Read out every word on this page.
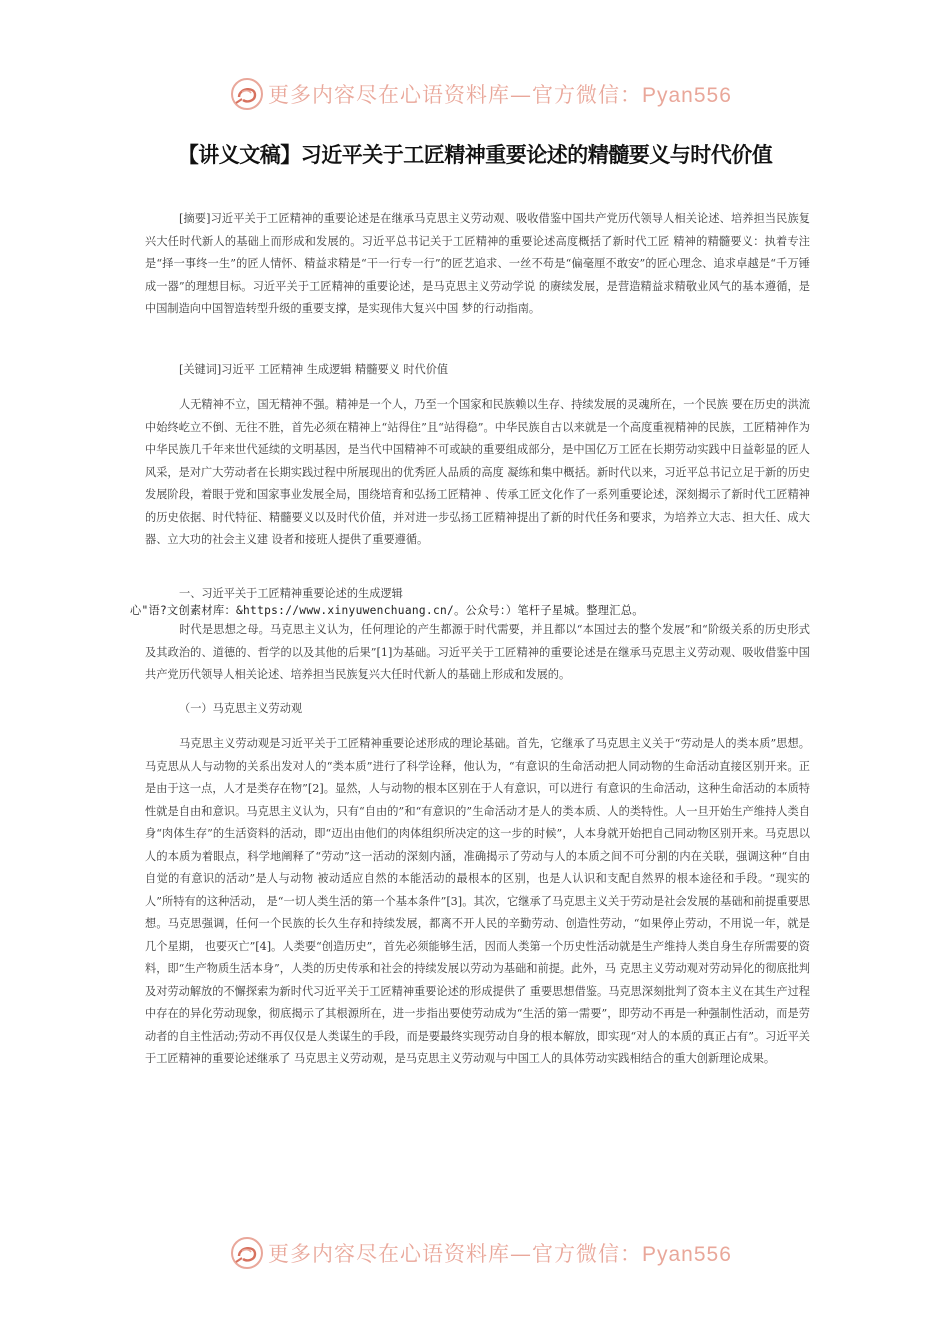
更多内容尽在心语资料库—官方微信：Pyan556
【讲义文稿】习近平关于工匠精神重要论述的精髓要义与时代价值

[摘要]习近平关于工匠精神的重要论述是在继承马克思主义劳动观、吸收借鉴中国共产党历代领导人相关论述、培养担当民族复兴大任时代新人的基础上而形成和发展的。习近平总书记关于工匠精神的重要论述高度概括了新时代工匠 精神的精髓要义：执着专注是“择一事终一生”的匠人情怀、精益求精是“干一行专一行”的匠艺追求、一丝不苟是“偏毫厘不敢安”的匠心理念、追求卓越是“千万锤成一器”的理想目标。习近平关于工匠精神的重要论述，是马克思主义劳动学说 的赓续发展，是营造精益求精敬业风气的基本遵循，是中国制造向中国智造转型升级的重要支撑，是实现伟大复兴中国 梦的行动指南。

[关键词]习近平 工匠精神 生成逻辑 精髓要义 时代价值

人无精神不立，国无精神不强。精神是一个人，乃至一个国家和民族赖以生存、持续发展的灵魂所在，一个民族 要在历史的洪流中始终屹立不倒、无往不胜，首先必须在精神上“站得住”且“站得稳”。中华民族自古以来就是一个高度重视精神的民族，工匠精神作为中华民族几千年来世代延续的文明基因，是当代中国精神不可或缺的重要组成部分，是中国亿万工匠在长期劳动实践中日益彰显的匠人风采，是对广大劳动者在长期实践过程中所展现出的优秀匠人品质的高度 凝练和集中概括。新时代以来，习近平总书记立足于新的历史发展阶段，着眼于党和国家事业发展全局，围绕培育和弘扬工匠精神 、传承工匠文化作了一系列重要论述，深刻揭示了新时代工匠精神的历史依据、时代特征、精髓要义以及时代价值，并对进一步弘扬工匠精神提出了新的时代任务和要求，为培养立大志、担大任、成大器、立大功的社会主义建 设者和接班人提供了重要遵循。

一、习近平关于工匠精神重要论述的生成逻辑

心"语?文创素材库：&https://www.xinyuwenchuang.cn/。公众号：）笔杆子星城。整理汇总。

时代是思想之母。马克思主义认为，任何理论的产生都源于时代需要，并且都以“本国过去的整个发展”和“阶级关系的历史形式及其政治的、道德的、哲学的以及其他的后果”[1]为基础。习近平关于工匠精神的重要论述是在继承马克思主义劳动观、吸收借鉴中国共产党历代领导人相关论述、培养担当民族复兴大任时代新人的基础上形成和发展的。

（一）马克思主义劳动观

马克思主义劳动观是习近平关于工匠精神重要论述形成的理论基础。首先，它继承了马克思主义关于“劳动是人的类本质”思想。马克思从人与动物的关系出发对人的“类本质”进行了科学诠释，他认为，“有意识的生命活动把人同动物的生命活动直接区别开来。正是由于这一点，人才是类存在物”[2]。显然，人与动物的根本区别在于人有意识，可以进行 有意识的生命活动，这种生命活动的本质特性就是自由和意识。马克思主义认为，只有“自由的”和“有意识的”生命活动才是人的类本质、人的类特性。人一旦开始生产维持人类自身“肉体生存”的生活资料的活动，即“迈出由他们的肉体组织所决定的这一步的时候”，人本身就开始把自己同动物区别开来。马克思以人的本质为着眼点，科学地阐释了“劳动”这一活动的深刻内涵，准确揭示了劳动与人的本质之间不可分割的内在关联，强调这种“自由自觉的有意识的活动”是人与动物 被动适应自然的本能活动的最根本的区别，也是人认识和支配自然界的根本途径和手段。“现实的人”所特有的这种活动， 是“一切人类生活的第一个基本条件”[3]。其次，它继承了马克思主义关于劳动是社会发展的基础和前提重要思想。马克思强调，任何一个民族的长久生存和持续发展，都离不开人民的辛勤劳动、创造性劳动，“如果停止劳动，不用说一年，就是几个星期， 也要灭亡”[4]。人类要“创造历史”，首先必须能够生活，因而人类第一个历史性活动就是生产维持人类自身生存所需要的资料，即“生产物质生活本身”，人类的历史传承和社会的持续发展以劳动为基础和前提。此外，马 克思主义劳动观对劳动异化的彻底批判及对劳动解放的不懈探索为新时代习近平关于工匠精神重要论述的形成提供了 重要思想借鉴。马克思深刻批判了资本主义在其生产过程中存在的异化劳动现象，彻底揭示了其根源所在，进一步指出要使劳动成为“生活的第一需要”，即劳动不再是一种强制性活动，而是劳动者的自主性活动;劳动不再仅仅是人类谋生的手段，而是要最终实现劳动自身的根本解放，即实现“对人的本质的真正占有”。习近平关于工匠精神的重要论述继承了 马克思主义劳动观，是马克思主义劳动观与中国工人的具体劳动实践相结合的重大创新理论成果。

更多内容尽在心语资料库—官方微信：Pyan556
